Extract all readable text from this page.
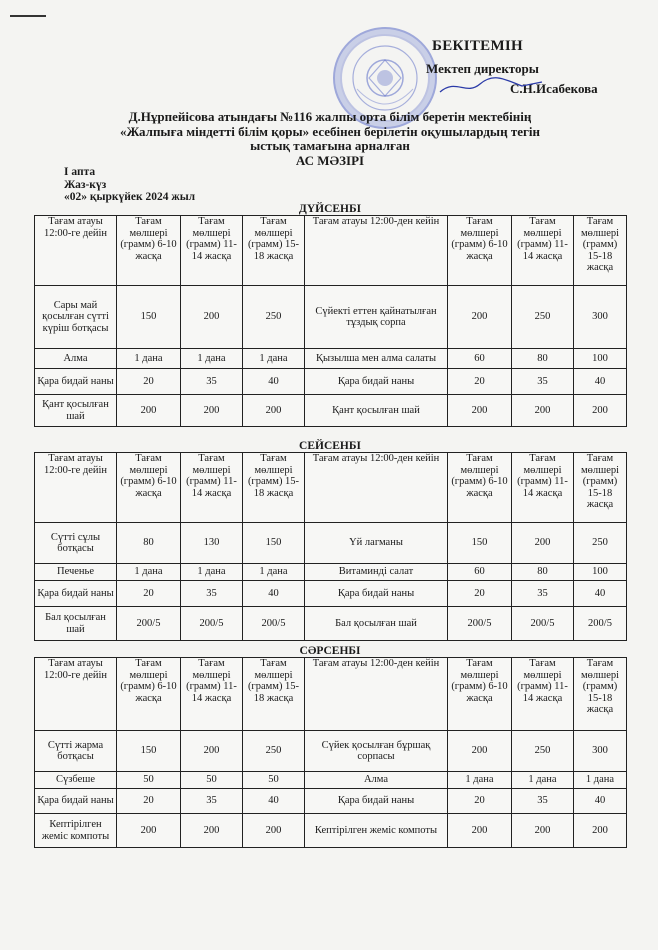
БЕКІТЕМІН
Мектеп директоры
С.Н.Исабекова
Д.Нұрпейісова атындағы №116 жалпы орта білім беретін мектебінің
«Жалпыға міндетті білім қоры» есебінен берілетін оқушылардың тегін
ыстық тамағына арналған
АС МӘЗІРІ
I апта
Жаз-күз
«02» қыркүйек 2024 жыл
ДҮЙСЕНБІ
Тағам атауы 12:00-ге дейін	Тағам мөлшері (грамм) 6-10 жасқа	Тағам мөлшері (грамм) 11-14 жасқа	Тағам мөлшері (грамм) 15-18 жасқа	Тағам атауы 12:00-ден кейін	Тағам мөлшері (грамм) 6-10 жасқа	Тағам мөлшері (грамм) 11-14 жасқа	Тағам мөлшері (грамм) 15-18 жасқа
Сары май қосылған сүтті күріш ботқасы	150	200	250	Сүйекті еттен қайнатылған тұздық сорпа	200	250	300
Алма	1 дана	1 дана	1 дана	Қызылша мен алма салаты	60	80	100
Қара бидай наны	20	35	40	Қара бидай наны	20	35	40
Қант қосылған шай	200	200	200	Қант қосылған шай	200	200	200
СЕЙСЕНБІ
Тағам атауы 12:00-ге дейін	Тағам мөлшері (грамм) 6-10 жасқа	Тағам мөлшері (грамм) 11-14 жасқа	Тағам мөлшері (грамм) 15-18 жасқа	Тағам атауы 12:00-ден кейін	Тағам мөлшері (грамм) 6-10 жасқа	Тағам мөлшері (грамм) 11-14 жасқа	Тағам мөлшері (грамм) 15-18 жасқа
Сүтті сұлы ботқасы	80	130	150	Үй лагманы	150	200	250
Печенье	1 дана	1 дана	1 дана	Витаминді салат	60	80	100
Қара бидай наны	20	35	40	Қара бидай наны	20	35	40
Бал қосылған шай	200/5	200/5	200/5	Бал қосылған шай	200/5	200/5	200/5
СӘРСЕНБІ
Тағам атауы 12:00-ге дейін	Тағам мөлшері (грамм) 6-10 жасқа	Тағам мөлшері (грамм) 11-14 жасқа	Тағам мөлшері (грамм) 15-18 жасқа	Тағам атауы 12:00-ден кейін	Тағам мөлшері (грамм) 6-10 жасқа	Тағам мөлшері (грамм) 11-14 жасқа	Тағам мөлшері (грамм) 15-18 жасқа
Сүтті жарма ботқасы	150	200	250	Сүйек қосылған бұршақ сорпасы	200	250	300
Сүзбеше	50	50	50	Алма	1 дана	1 дана	1 дана
Қара бидай наны	20	35	40	Қара бидай наны	20	35	40
Кептірілген жеміс компоты	200	200	200	Кептірілген жеміс компоты	200	200	200
